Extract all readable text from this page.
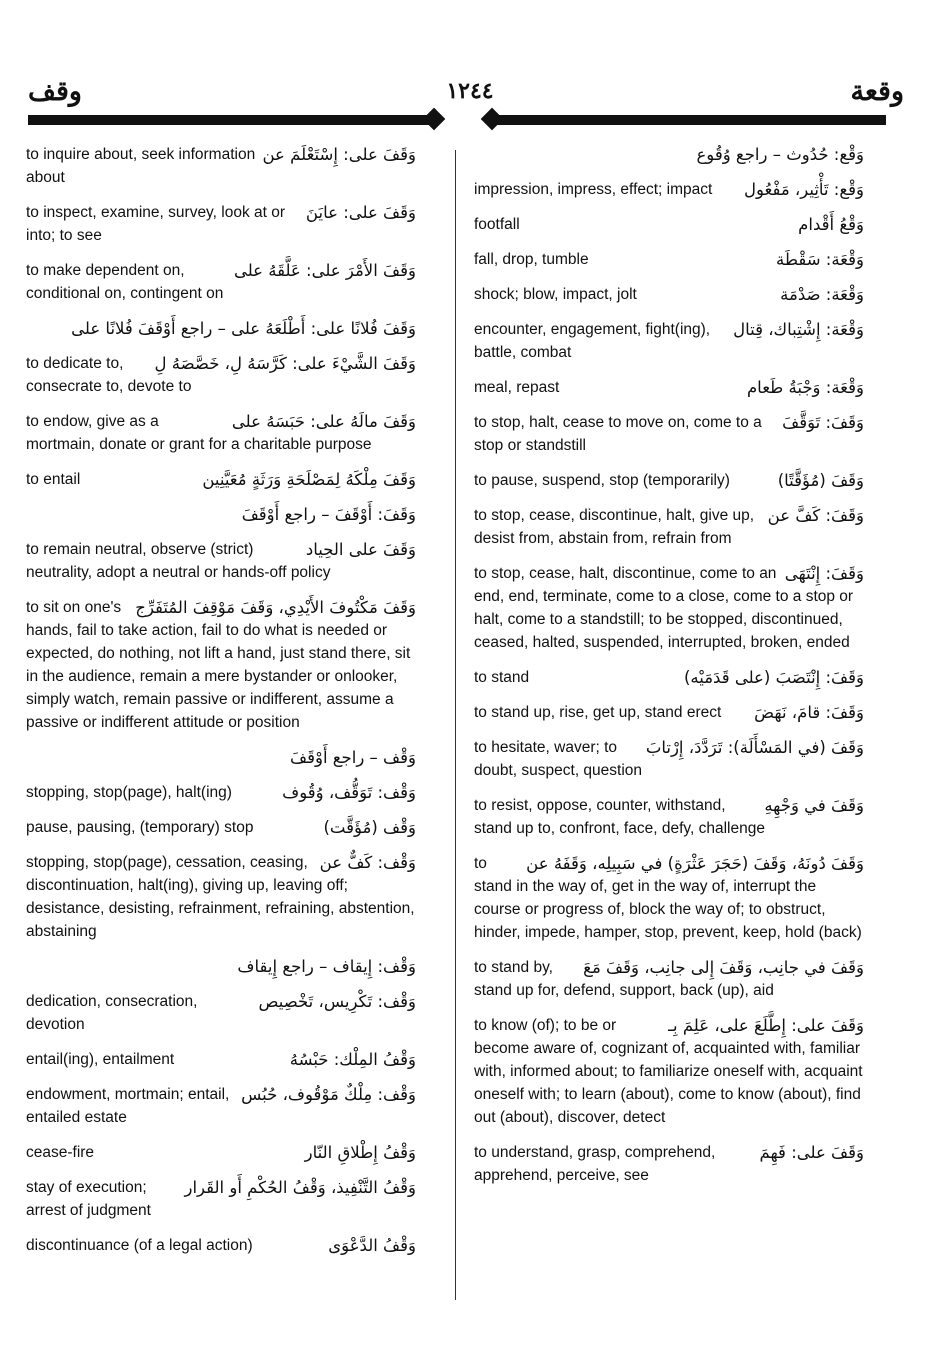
وقف	١٢٤٤	وقعة
وَقَفَ على: إِسْتَعْلَمَ عن
to inquire about, seek information about
وَقَفَ على: عايَنَ
to inspect, examine, survey, look at or into; to see
وَقَفَ الأَمْرَ على: عَلَّقَهُ على
to make dependent on, conditional on, contingent on
وَقَفَ فُلانًا على: أَطْلَعَهُ على – راجع أَوْقَفَ فُلانًا على
وَقَفَ الشَّيْءَ على: كَرَّسَهُ لِ، خَصَّصَهُ لِ
to dedicate to, consecrate to, devote to
وَقَفَ مالَهُ على: حَبَسَهُ على
to endow, give as a mortmain, donate or grant for a charitable purpose
وَقَفَ مِلْكَهُ لِمَصْلَحَةِ وَرَثَةٍ مُعَيَّنِين
to entail
وَقَفَ: أَوْقَفَ – راجع أَوْقَفَ
وَقَفَ على الحِياد
to remain neutral, observe (strict) neutrality, adopt a neutral or hands-off policy
وَقَفَ مَكْتُوفَ الأَيْدِي، وَقَفَ مَوْقِفَ المُتَفَرِّج
to sit on one's hands, fail to take action, fail to do what is needed or expected, do nothing, not lift a hand, just stand there, sit in the audience, remain a mere bystander or onlooker, simply watch, remain passive or indifferent, assume a passive or indifferent attitude or position
وَقْف – راجع أَوْقَفَ
وَقْف: تَوَقُّف، وُقُوف
stopping, stop(page), halt(ing)
وَقْف (مُؤَقَّت)
pause, pausing, (temporary) stop
وَقْف: كَفٌّ عن
stopping, stop(page), cessation, ceasing, discontinuation, halt(ing), giving up, leaving off; desistance, desisting, refrainment, refraining, abstention, abstaining
وَقْف: إِيقاف – راجع إِيقاف
وَقْف: تَكْرِيس، تَخْصِيص
dedication, consecration, devotion
وَقْفُ المِلْك: حَبْسُهُ
entail(ing), entailment
وَقْف: مِلْكٌ مَوْقُوف، حُبُس
endowment, mortmain; entail, entailed estate
وَقْفُ إِطْلاقِ النّار
cease-fire
وَقْفُ التَّنْفِيذ، وَقْفُ الحُكْمِ أَو القَرار
stay of execution; arrest of judgment
وَقْفُ الدَّعْوَى
discontinuance (of a legal action)
وَقْع: حُدُوث – راجع وُقُوع
وَقْع: تَأْثِير، مَفْعُول
impression, impress, effect; impact
وَقْعُ أَقْدام
footfall
وَقْعَة: سَقْطَة
fall, drop, tumble
وَقْعَة: صَدْمَة
shock; blow, impact, jolt
وَقْعَة: إِشْتِباك، قِتال
encounter, engagement, fight(ing), battle, combat
وَقْعَة: وَجْبَةُ طَعام
meal, repast
وَقَفَ: تَوَقَّفَ
to stop, halt, cease to move on, come to a stop or standstill
وَقَفَ (مُؤَقَّتًا)
to pause, suspend, stop (temporarily)
وَقَفَ: كَفَّ عن
to stop, cease, discontinue, halt, give up, desist from, abstain from, refrain from
وَقَفَ: إِنْتَهَى
to stop, cease, halt, discontinue, come to an end, end, terminate, come to a close, come to a stop or halt, come to a standstill; to be stopped, discontinued, ceased, halted, suspended, interrupted, broken, ended
وَقَفَ: إِنْتَصَبَ (على قَدَمَيْه)
to stand
وَقَفَ: قامَ، نَهَضَ
to stand up, rise, get up, stand erect
وَقَفَ (في المَسْأَلَة): تَرَدَّدَ، إِرْتابَ
to hesitate, waver; to doubt, suspect, question
وَقَفَ في وَجْهِهِ
to resist, oppose, counter, withstand, stand up to, confront, face, defy, challenge
وَقَفَ دُونَهُ، وَقَفَ (حَجَرَ عَثْرَةٍ) في سَبِيلِه، وَقَفَهُ عن
to stand in the way of, get in the way of, interrupt the course or progress of, block the way of; to obstruct, hinder, impede, hamper, stop, prevent, keep, hold (back)
وَقَفَ في جانِب، وَقَفَ إِلى جانِب، وَقَفَ مَعَ
to stand by, stand up for, defend, support, back (up), aid
وَقَفَ على: إِطَّلَعَ على، عَلِمَ بِـ
to know (of); to be or become aware of, cognizant of, acquainted with, familiar with, informed about; to familiarize oneself with, acquaint oneself with; to learn (about), come to know (about), find out (about), discover, detect
وَقَفَ على: فَهِمَ
to understand, grasp, comprehend, apprehend, perceive, see
